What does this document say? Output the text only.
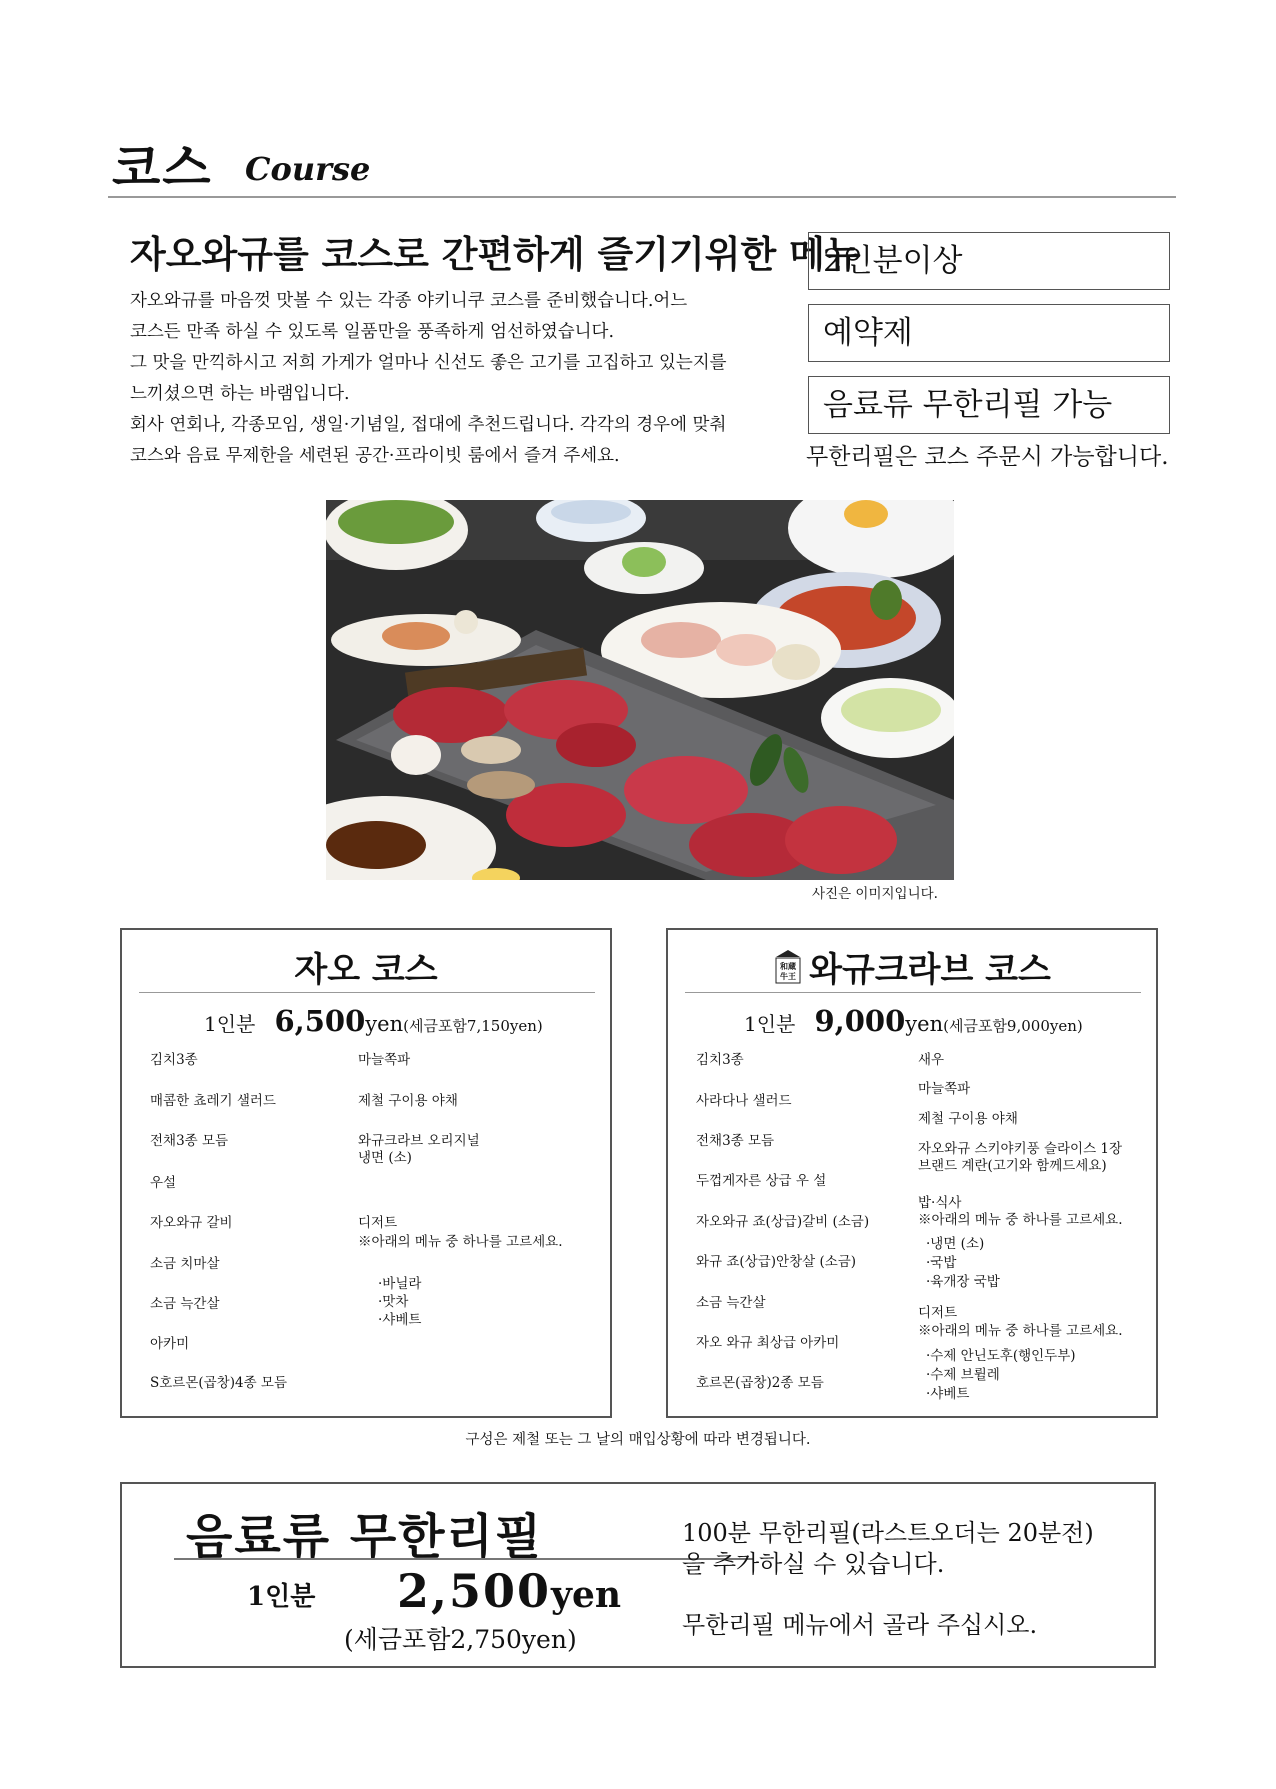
코스 Course
자오와규를 코스로 간편하게 즐기기위한 메뉴

자오와규를 마음껏 맛볼 수 있는 각종 야키니쿠 코스를 준비했습니다.어느

코스든 만족 하실 수 있도록 일품만을 풍족하게 엄선하였습니다.

그 맛을 만끽하시고 저희 가게가 얼마나 신선도 좋은 고기를 고집하고 있는지를

느끼셨으면 하는 바램입니다.

회사 연회나, 각종모임, 생일·기념일, 접대에 추천드립니다. 각각의 경우에 맞춰

코스와 음료 무제한을 세련된 공간·프라이빗 룸에서 즐겨 주세요.

2인분이상
예약제
음료류 무한리필 가능
무한리필은 코스 주문시 가능합니다.
사진은 이미지입니다.
자오 코스
1인분 6,500yen(세금포함7,150yen)
김치3종
매콤한 쵸레기 샐러드
전채3종 모듬
우설
자오와규 갈비
소금 치마살
소금 늑간살
아카미
S호르몬(곱창)4종 모듬
마늘쪽파
제철 구이용 야채
와규크라브 오리지널
냉면 (소)
디저트
※아래의 메뉴 중 하나를 고르세요.
·바닐라
·맛차
·샤베트
和蔵
牛王 와규크라브 코스
1인분 9,000yen(세금포함9,000yen)
김치3종
사라다나 샐러드
전채3종 모듬
두껍게자른 상급 우 설
자오와규 죠(상급)갈비 (소금)
와규 죠(상급)안창살 (소금)
소금 늑간살
자오 와규 최상급 아카미
호르몬(곱창)2종 모듬
새우
마늘쪽파
제철 구이용 야채
자오와규 스키야키풍 슬라이스 1장
브랜드 계란(고기와 함께드세요)
밥·식사
※아래의 메뉴 중 하나를 고르세요.
·냉면 (소)
·국밥
·육개장 국밥
디저트
※아래의 메뉴 중 하나를 고르세요.
·수제 안닌도후(행인두부)
·수제 브륄레
·샤베트
구성은 제철 또는 그 날의 매입상황에 따라 변경됩니다.
음료류 무한리필
1인분 2,500yen
(세금포함2,750yen)
100분 무한리필(라스트오더는 20분전)

을 추가하실 수 있습니다.

무한리필 메뉴에서 골라 주십시오.
